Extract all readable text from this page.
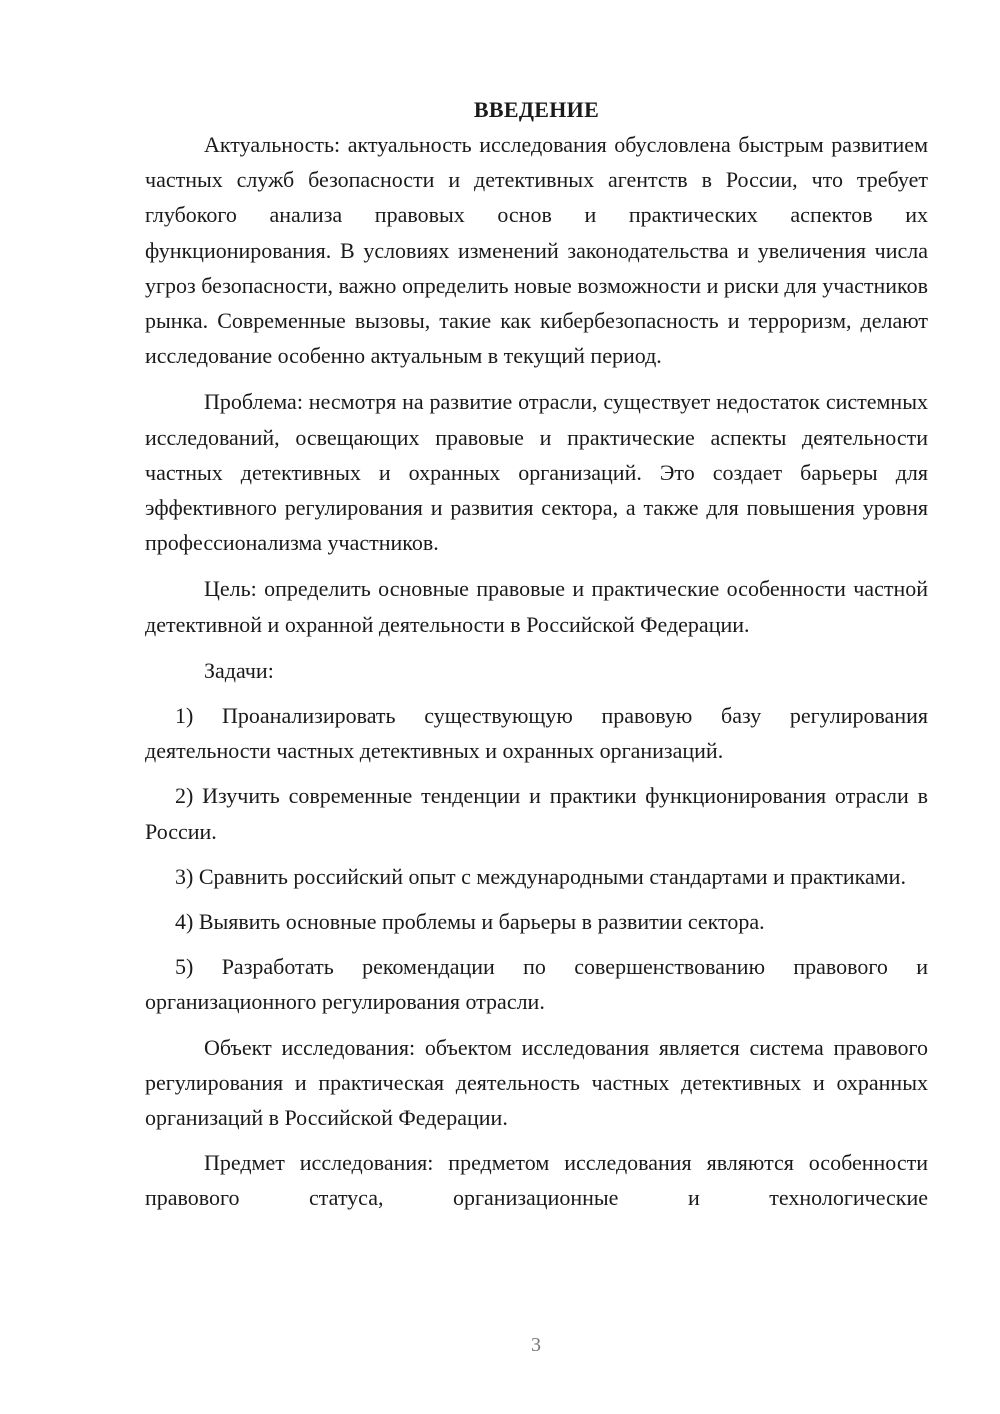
ВВЕДЕНИЕ

Актуальность: актуальность исследования обусловлена быстрым развитием частных служб безопасности и детективных агентств в России, что требует глубокого анализа правовых основ и практических аспектов их функционирования. В условиях изменений законодательства и увеличения числа угроз безопасности, важно определить новые возможности и риски для участников рынка. Современные вызовы, такие как кибербезопасность и терроризм, делают исследование особенно актуальным в текущий период.

Проблема: несмотря на развитие отрасли, существует недостаток системных исследований, освещающих правовые и практические аспекты деятельности частных детективных и охранных организаций. Это создает барьеры для эффективного регулирования и развития сектора, а также для повышения уровня профессионализма участников.

Цель: определить основные правовые и практические особенности частной детективной и охранной деятельности в Российской Федерации.

Задачи:

1) Проанализировать существующую правовую базу регулирования деятельности частных детективных и охранных организаций.

2) Изучить современные тенденции и практики функционирования отрасли в России.

3) Сравнить российский опыт с международными стандартами и практиками.

4) Выявить основные проблемы и барьеры в развитии сектора.

5) Разработать рекомендации по совершенствованию правового и организационного регулирования отрасли.

Объект исследования: объектом исследования является система правового регулирования и практическая деятельность частных детективных и охранных организаций в Российской Федерации.

Предмет исследования: предметом исследования являются особенности правового статуса, организационные и технологические

3
